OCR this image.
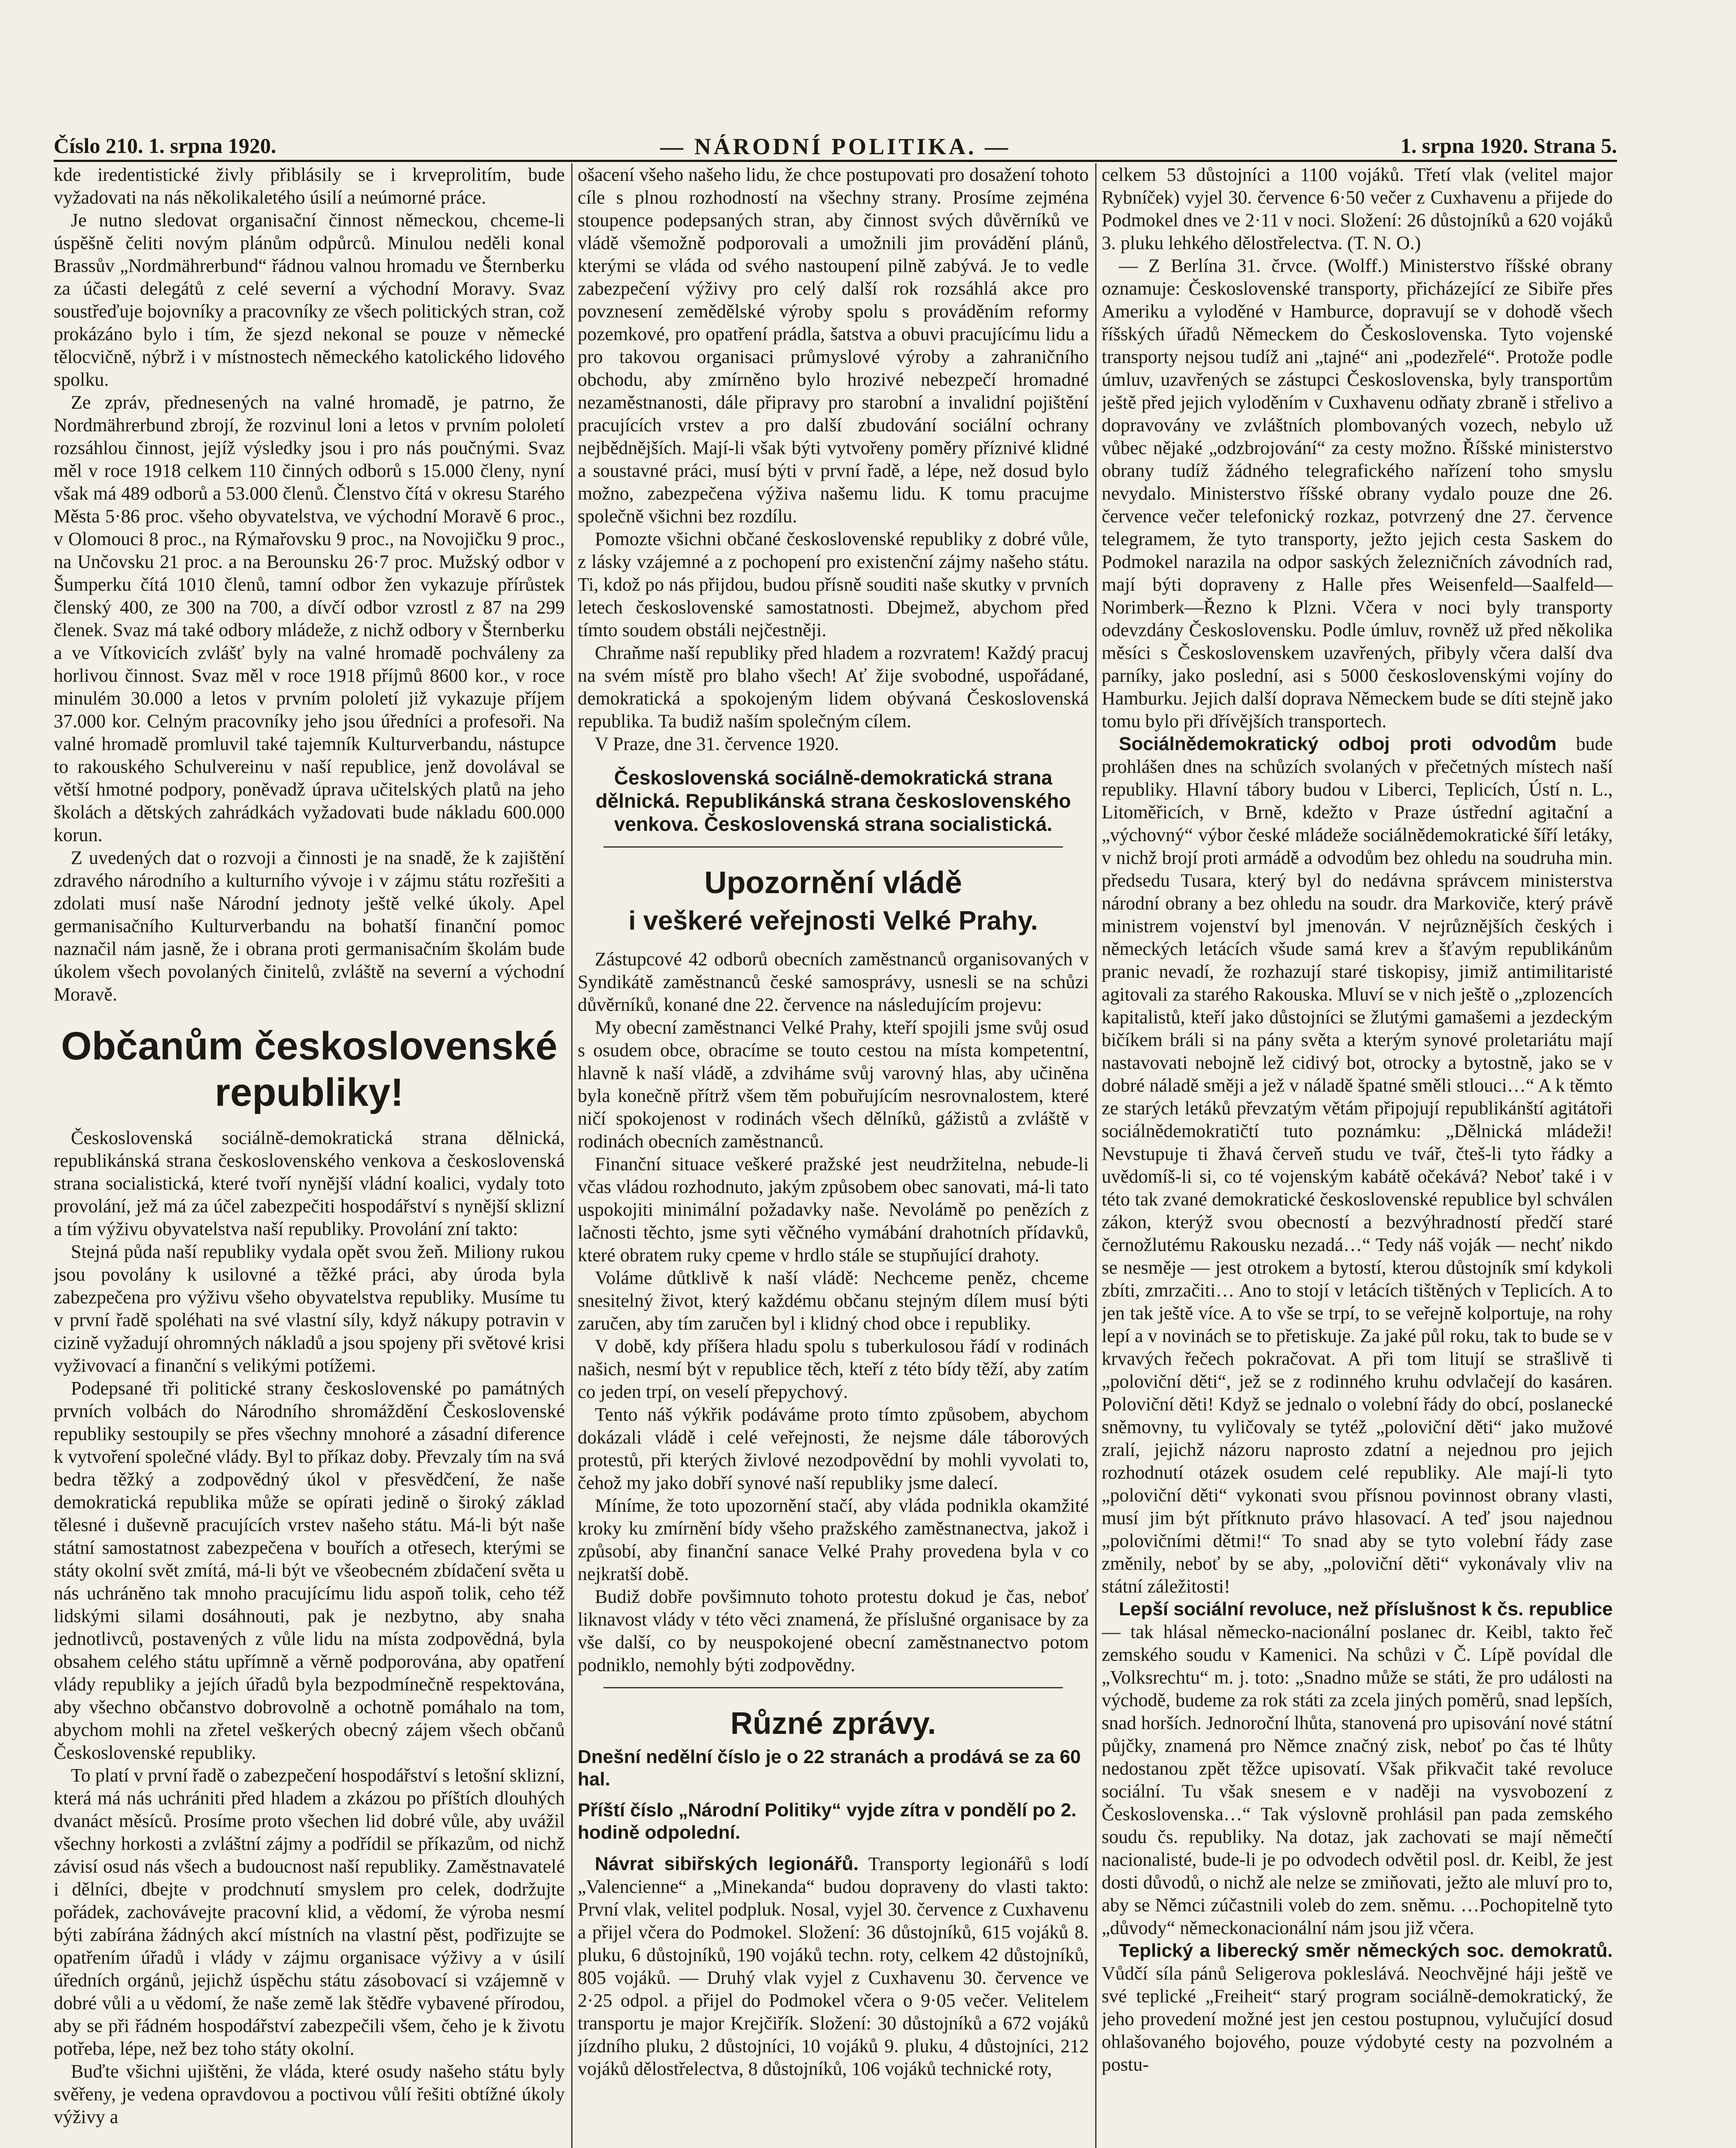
Číslo 210. 1. srpna 1920.	— NÁRODNÍ POLITIKA. —	1. srpna 1920. Strana 5.

kde iredentistické živly přiblásily se i krveprolitím, bude vyžadovati na nás několikaletého úsilí a neúmorné práce.

Je nutno sledovat organisační činnost německou, chceme-li úspěšně čeliti novým plánům odpůrců. Minulou neděli konal Brassův „Nordmährerbund“ řádnou valnou hromadu ve Šternberku za účasti delegátů z celé severní a východní Moravy. Svaz soustřeďuje bojovníky a pracovníky ze všech politických stran, což prokázáno bylo i tím, že sjezd nekonal se pouze v německé tělocvičně, nýbrž i v místnostech německého katolického lidového spolku.

Ze zpráv, přednesených na valné hromadě, je patrno, že Nordmährerbund zbrojí, že rozvinul loni a letos v prvním pololetí rozsáhlou činnost, jejíž výsledky jsou i pro nás poučnými. Svaz měl v roce 1918 celkem 110 činných odborů s 15.000 členy, nyní však má 489 odborů a 53.000 členů. Členstvo čítá v okresu Starého Města 5·86 proc. všeho obyvatelstva, ve východní Moravě 6 proc., v Olomouci 8 proc., na Rýmařovsku 9 proc., na Novojičku 9 proc., na Unčovsku 21 proc. a na Berounsku 26·7 proc. Mužský odbor v Šumperku čítá 1010 členů, tamní odbor žen vykazuje přírůstek členský 400, ze 300 na 700, a dívčí odbor vzrostl z 87 na 299 členek. Svaz má také odbory mládeže, z nichž odbory v Šternberku a ve Vítkovicích zvlášť byly na valné hromadě pochváleny za horlivou činnost. Svaz měl v roce 1918 příjmů 8600 kor., v roce minulém 30.000 a letos v prvním pololetí již vykazuje příjem 37.000 kor. Celným pracovníky jeho jsou úředníci a profesoři. Na valné hromadě promluvil také tajemník Kulturverbandu, nástupce to rakouského Schulvereinu v naší republice, jenž dovolával se větší hmotné podpory, poněvadž úprava učitelských platů na jeho školách a dětských zahrádkách vyžadovati bude nákladu 600.000 korun.

Z uvedených dat o rozvoji a činnosti je na snadě, že k zajištění zdravého národního a kulturního vývoje i v zájmu státu rozřešiti a zdolati musí naše Národní jednoty ještě velké úkoly. Apel germanisačního Kulturverbandu na bohatší finanční pomoc naznačil nám jasně, že i obrana proti germanisačním školám bude úkolem všech povolaných činitelů, zvláště na severní a východní Moravě.

Občanům československé republiky!

Československá sociálně-demokratická strana dělnická, republikánská strana československého venkova a československá strana socialistická, které tvoří nynější vládní koalici, vydaly toto provolání, jež má za účel zabezpečiti hospodářství s nynější sklizní a tím výživu obyvatelstva naší republiky. Provolání zní takto:

Stejná půda naší republiky vydala opět svou žeň. Miliony rukou jsou povolány k usilovné a těžké práci, aby úroda byla zabezpečena pro výživu všeho obyvatelstva republiky. Musíme tu v první řadě spoléhati na své vlastní síly, když nákupy potravin v cizině vyžadují ohromných nákladů a jsou spojeny při světové krisi vyživovací a finanční s velikými potížemi.

Podepsané tři politické strany československé po památných prvních volbách do Národního shromáždění Československé republiky sestoupily se přes všechny mnohoré a zásadní diference k vytvoření společné vlády. Byl to příkaz doby. Převzaly tím na svá bedra těžký a zodpovědný úkol v přesvědčení, že naše demokratická republika může se opírati jedině o široký základ tělesné i duševně pracujících vrstev našeho státu. Má-li být naše státní samostatnost zabezpečena v bouřích a otřesech, kterými se státy okolní svět zmítá, má-li být ve všeobecném zbídačení světa u nás uchráněno tak mnoho pracujícímu lidu aspoň tolik, ceho též lidskými silami dosáhnouti, pak je nezbytno, aby snaha jednotlivců, postavených z vůle lidu na místa zodpovědná, byla obsahem celého státu upřímně a věrně podporována, aby opatření vlády republiky a jejích úřadů byla bezpodmínečně respektována, aby všechno občanstvo dobrovolně a ochotně pomáhalo na tom, abychom mohli na zřetel veškerých obecný zájem všech občanů Československé republiky.

To platí v první řadě o zabezpečení hospodářství s letošní sklizní, která má nás uchrániti před hladem a zkázou po příštích dlouhých dvanáct měsíců. Prosíme proto všechen lid dobré vůle, aby uvážil všechny horkosti a zvláštní zájmy a podřídil se příkazům, od nichž závisí osud nás všech a budoucnost naší republiky. Zaměstnavatelé i dělníci, dbejte v prodchnutí smyslem pro celek, dodržujte pořádek, zachovávejte pracovní klid, a vědomí, že výroba nesmí býti zabírána žádných akcí místních na vlastní pěst, podřizujte se opatřením úřadů i vlády v zájmu organisace výživy a v úsilí úředních orgánů, jejichž úspěchu státu zásobovací si vzájemně v dobré vůli a u vědomí, že naše země lak štědře vybavené přírodou, aby se při řádném hospodářství zabezpečili všem, čeho je k životu potřeba, lépe, než bez toho státy okolní.

Buďte všichni ujištěni, že vláda, které osudy našeho státu byly svěřeny, je vedena opravdovou a poctivou vůlí řešiti obtížné úkoly výživy a

ošacení všeho našeho lidu, že chce postupovati pro dosažení tohoto cíle s plnou rozhodností na všechny strany. Prosíme zejména stoupence podepsaných stran, aby činnost svých důvěrníků ve vládě všemožně podporovali a umožnili jim provádění plánů, kterými se vláda od svého nastoupení pilně zabývá. Je to vedle zabezpečení výživy pro celý další rok rozsáhlá akce pro povznesení zemědělské výroby spolu s prováděním reformy pozemkové, pro opatření prádla, šatstva a obuvi pracujícímu lidu a pro takovou organisaci průmyslové výroby a zahraničního obchodu, aby zmírněno bylo hrozivé nebezpečí hromadné nezaměstnanosti, dále připravy pro starobní a invalidní pojištění pracujících vrstev a pro další zbudování sociální ochrany nejbědnějších. Mají-li však býti vytvořeny poměry příznivé klidné a soustavné práci, musí býti v první řadě, a lépe, než dosud bylo možno, zabezpečena výživa našemu lidu. K tomu pracujme společně všichni bez rozdílu.

Pomozte všichni občané československé republiky z dobré vůle, z lásky vzájemné a z pochopení pro existenční zájmy našeho státu. Ti, kdož po nás přijdou, budou přísně souditi naše skutky v prvních letech československé samostatnosti. Dbejmež, abychom před tímto soudem obstáli nejčestněji.

Chraňme naší republiky před hladem a rozvratem! Každý pracuj na svém místě pro blaho všech! Ať žije svobodné, uspořádané, demokratická a spokojeným lidem obývaná Československá republika. Ta budiž naším společným cílem.

V Praze, dne 31. července 1920.

Československá sociálně-demokratická strana dělnická. Republikánská strana československého venkova. Československá strana socialistická.
Upozornění vládě
i veškeré veřejnosti Velké Prahy.

Zástupcové 42 odborů obecních zaměstnanců organisovaných v Syndikátě zaměstnanců české samosprávy, usnesli se na schůzi důvěrníků, konané dne 22. července na následujícím projevu:

My obecní zaměstnanci Velké Prahy, kteří spojili jsme svůj osud s osudem obce, obracíme se touto cestou na místa kompetentní, hlavně k naší vládě, a zdviháme svůj varovný hlas, aby učiněna byla konečně přítrž všem těm pobuřujícím nesrovnalostem, které ničí spokojenost v rodinách všech dělníků, gážistů a zvláště v rodinách obecních zaměstnanců.

Finanční situace veškeré pražské jest neudržitelna, nebude-li včas vládou rozhodnuto, jakým způsobem obec sanovati, má-li tato uspokojiti minimální požadavky naše. Nevolámě po penězích z lačnosti těchto, jsme syti věčného vymábání drahotních přídavků, které obratem ruky cpeme v hrdlo stále se stupňující drahoty.

Voláme důtklivě k naší vládě: Nechceme peněz, chceme snesitelný život, který každému občanu stejným dílem musí býti zaručen, aby tím zaručen byl i klidný chod obce i republiky.

V době, kdy příšera hladu spolu s tuberkulosou řádí v rodinách našich, nesmí být v republice těch, kteří z této bídy těží, aby zatím co jeden trpí, on veselí přepychový.

Tento náš výkřik podáváme proto tímto způsobem, abychom dokázali vládě i celé veřejnosti, že nejsme dále táborových protestů, při kterých živlové nezodpovědní by mohli vyvolati to, čehož my jako dobří synové naší republiky jsme dalecí.

Míníme, že toto upozornění stačí, aby vláda podnikla okamžité kroky ku zmírnění bídy všeho pražského zaměstnanectva, jakož i způsobí, aby finanční sanace Velké Prahy provedena byla v co nejkratší době.

Budiž dobře povšimnuto tohoto protestu dokud je čas, neboť liknavost vlády v této věci znamená, že příslušné organisace by za vše další, co by neuspokojené obecní zaměstnanectvo potom podniklo, nemohly býti zodpovědny.

Různé zprávy.
Dnešní nedělní číslo je o 22 stranách a prodává se za 60 hal.
Příští číslo „Národní Politiky“ vyjde zítra v pondělí po 2. hodině odpolední.

Návrat sibiřských legionářů. Transporty legionářů s lodí „Valencienne“ a „Minekanda“ budou dopraveny do vlasti takto: První vlak, velitel podpluk. Nosal, vyjel 30. července z Cuxhavenu a přijel včera do Podmokel. Složení: 36 důstojníků, 615 vojáků 8. pluku, 6 důstojníků, 190 vojáků techn. roty, celkem 42 důstojníků, 805 vojáků. — Druhý vlak vyjel z Cuxhavenu 30. července ve 2·25 odpol. a přijel do Podmokel včera o 9·05 večer. Velitelem transportu je major Krejčiřík. Složení: 30 důstojníků a 672 vojáků jízdního pluku, 2 důstojníci, 10 vojáků 9. pluku, 4 důstojníci, 212 vojáků dělostřelectva, 8 důstojníků, 106 vojáků technické roty,

celkem 53 důstojníci a 1100 vojáků. Třetí vlak (velitel major Rybníček) vyjel 30. července 6·50 večer z Cuxhavenu a přijede do Podmokel dnes ve 2·11 v noci. Složení: 26 důstojníků a 620 vojáků 3. pluku lehkého dělostřelectva. (T. N. O.)

— Z Berlína 31. črvce. (Wolff.) Ministerstvo říšské obrany oznamuje: Československé transporty, přicházející ze Sibiře přes Ameriku a vyloděné v Hamburce, dopravují se v dohodě všech říšských úřadů Německem do Československa. Tyto vojenské transporty nejsou tudíž ani „tajné“ ani „podezřelé“. Protože podle úmluv, uzavřených se zástupci Československa, byly transportům ještě před jejich vyloděním v Cuxhavenu odňaty zbraně i střelivo a dopravovány ve zvláštních plombovaných vozech, nebylo už vůbec nějaké „odzbrojování“ za cesty možno. Říšské ministerstvo obrany tudíž žádného telegrafického nařízení toho smyslu nevydalo. Ministerstvo říšské obrany vydalo pouze dne 26. července večer telefonický rozkaz, potvrzený dne 27. července telegramem, že tyto transporty, ježto jejich cesta Saskem do Podmokel narazila na odpor saských železničních závodních rad, mají býti dopraveny z Halle přes Weisenfeld—Saalfeld—Norimberk—Řezno k Plzni. Včera v noci byly transporty odevzdány Československu. Podle úmluv, rovněž už před několika měsíci s Československem uzavřených, přibyly včera další dva parníky, jako poslední, asi s 5000 československými vojíny do Hamburku. Jejich další doprava Německem bude se díti stejně jako tomu bylo při dřívějších transportech.

Sociálnědemokratický odboj proti odvodům bude prohlášen dnes na schůzích svolaných v přečetných místech naší republiky. Hlavní tábory budou v Liberci, Teplicích, Ústí n. L., Litoměřicích, v Brně, kdežto v Praze ústřední agitační a „výchovný“ výbor české mládeže sociálnědemokratické šíří letáky, v nichž brojí proti armádě a odvodům bez ohledu na soudruha min. předsedu Tusara, který byl do nedávna správcem ministerstva národní obrany a bez ohledu na soudr. dra Markoviče, který právě ministrem vojenství byl jmenován. V nejrůznějších českých i německých letácích všude samá krev a šťavým republikánům pranic nevadí, že rozhazují staré tiskopisy, jimiž antimilitaristé agitovali za starého Rakouska. Mluví se v nich ještě o „zplozencích kapitalistů, kteří jako důstojníci se žlutými gamašemi a jezdeckým bičíkem bráli si na pány světa a kterým synové proletariátu mají nastavovati nebojně lež cidivý bot, otrocky a bytostně, jako se v dobré náladě směji a jež v náladě špatné směli stlouci…“ A k těmto ze starých letáků převzatým větám připojují republikánští agitátoři sociálnědemokratičtí tuto poznámku: „Dělnická mládeži! Nevstupuje ti žhavá červeň studu ve tvář, čteš-li tyto řádky a uvědomíš-li si, co té vojenským kabátě očekává? Neboť také i v této tak zvané demokratické československé republice byl schválen zákon, kterýž svou obecností a bezvýhradností předčí staré černožlutému Rakousku nezadá…“ Tedy náš voják — nechť nikdo se nesměje — jest otrokem a bytostí, kterou důstojník smí kdykoli zbíti, zmrzačiti… Ano to stojí v letácích tištěných v Teplicích. A to jen tak ještě více. A to vše se trpí, to se veřejně kolportuje, na rohy lepí a v novinách se to přetiskuje. Za jaké půl roku, tak to bude se v krvavých řečech pokračovat. A při tom litují se strašlivě ti „poloviční děti“, jež se z rodinného kruhu odvlačejí do kasáren. Poloviční děti! Když se jednalo o volební řády do obcí, poslanecké sněmovny, tu vyličovaly se tytéž „poloviční děti“ jako mužové zralí, jejichž názoru naprosto zdatní a nejednou pro jejich rozhodnutí otázek osudem celé republiky. Ale mají-li tyto „poloviční děti“ vykonati svou přísnou povinnost obrany vlasti, musí jim být přítknuto právo hlasovací. A teď jsou najednou „polovičními dětmi!“ To snad aby se tyto volební řády zase změnily, neboť by se aby, „poloviční děti“ vykonávaly vliv na státní záležitosti!

Lepší sociální revoluce, než příslušnost k čs. republice — tak hlásal německo-nacionální poslanec dr. Keibl, takto řeč zemského soudu v Kamenici. Na schůzi v Č. Lípě povídal dle „Volksrechtu“ m. j. toto: „Snadno může se státi, že pro události na východě, budeme za rok státi za zcela jiných poměrů, snad lepších, snad horších. Jednoroční lhůta, stanovená pro upisování nové státní půjčky, znamená pro Němce značný zisk, neboť po čas té lhůty nedostanou zpět těžce upisovatí. Však přikvačit také revoluce sociální. Tu však snesem e v naději na vysvobození z Československa…“ Tak výslovně prohlásil pan pada zemského soudu čs. republiky. Na dotaz, jak zachovati se mají němečtí nacionalisté, bude-li je po odvodech odvětil posl. dr. Keibl, že jest dosti důvodů, o nichž ale nelze se zmiňovati, ježto ale mluví pro to, aby se Němci zúčastnili voleb do zem. sněmu. …Pochopitelně tyto „důvody“ německonacionální nám jsou již včera.

Teplický a liberecký směr německých soc. demokratů. Vůdčí síla pánů Seligerova pokleslává. Neochvějné háji ještě ve své teplické „Freiheit“ starý program sociálně-demokratický, že jeho provedení možné jest jen cestou postupnou, vylučující dosud ohlašovaného bojového, pouze výdobyté cesty na pozvolném a postu-
